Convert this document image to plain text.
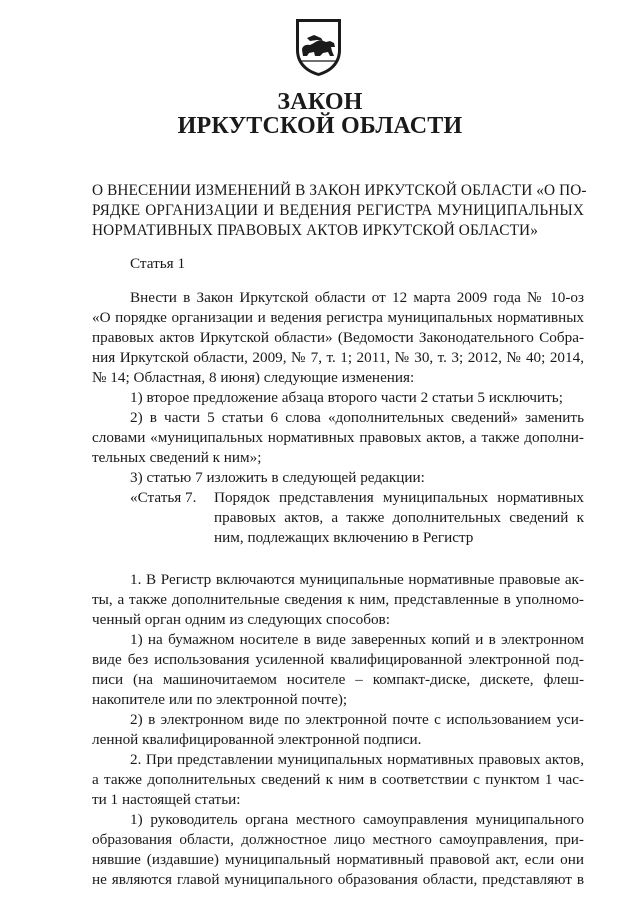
ЗАКОН
ИРКУТСКОЙ ОБЛАСТИ
О ВНЕСЕНИИ ИЗМЕНЕНИЙ В ЗАКОН ИРКУТСКОЙ ОБЛАСТИ «О ПО-
РЯДКЕ ОРГАНИЗАЦИИ И ВЕДЕНИЯ РЕГИСТРА МУНИЦИПАЛЬНЫХ
НОРМАТИВНЫХ ПРАВОВЫХ АКТОВ ИРКУТСКОЙ ОБЛАСТИ»
Статья 1
Внести в Закон Иркутской области от 12 марта 2009 года № 10-оз
«О порядке организации и ведения регистра муниципальных нормативных
правовых актов Иркутской области» (Ведомости Законодательного Собра-
ния Иркутской области, 2009, № 7, т. 1; 2011, № 30, т. 3; 2012, № 40; 2014,
№ 14; Областная, 8 июня) следующие изменения:
1) второе предложение абзаца второго части 2 статьи 5 исключить;
2) в части 5 статьи 6 слова «дополнительных сведений» заменить
словами «муниципальных нормативных правовых актов, а также дополни-
тельных сведений к ним»;
3) статью 7 изложить в следующей редакции:
«Статья 7.	Порядок представления муниципальных нормативных
правовых актов, а также дополнительных сведений к
ним, подлежащих включению в Регистр
1. В Регистр включаются муниципальные нормативные правовые ак-
ты, а также дополнительные сведения к ним, представленные в уполномо-
ченный орган одним из следующих способов:
1) на бумажном носителе в виде заверенных копий и в электронном
виде без использования усиленной квалифицированной электронной под-
писи (на машиночитаемом носителе – компакт-диске, дискете, флеш-
накопителе или по электронной почте);
2) в электронном виде по электронной почте с использованием уси-
ленной квалифицированной электронной подписи.
2. При представлении муниципальных нормативных правовых актов,
а также дополнительных сведений к ним в соответствии с пунктом 1 час-
ти 1 настоящей статьи:
1) руководитель органа местного самоуправления муниципального
образования области, должностное лицо местного самоуправления, при-
нявшие (издавшие) муниципальный нормативный правовой акт, если они
не являются главой муниципального образования области, представляют в
